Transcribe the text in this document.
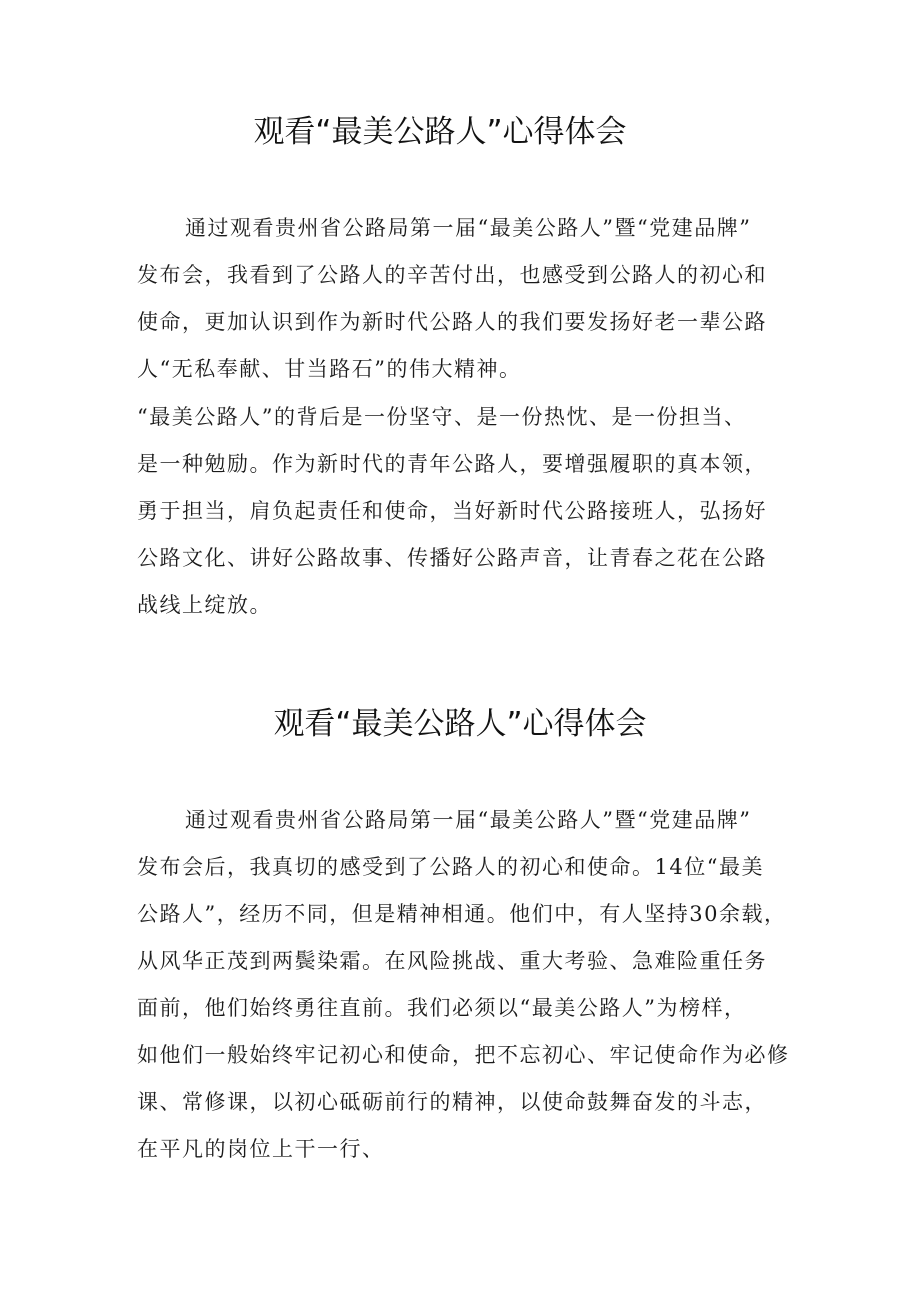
观看“最美公路人”心得体会

通过观看贵州省公路局第一届“最美公路人”暨“党建品牌”
发布会，我看到了公路人的辛苦付出，也感受到公路人的初心和
使命，更加认识到作为新时代公路人的我们要发扬好老一辈公路
人“无私奉献、甘当路石”的伟大精神。

“最美公路人”的背后是一份坚守、是一份热忱、是一份担当、
是一种勉励。作为新时代的青年公路人，要增强履职的真本领，
勇于担当，肩负起责任和使命，当好新时代公路接班人，弘扬好
公路文化、讲好公路故事、传播好公路声音，让青春之花在公路
战线上绽放。

观看“最美公路人”心得体会

通过观看贵州省公路局第一届“最美公路人”暨“党建品牌”
发布会后，我真切的感受到了公路人的初心和使命。14位“最美
公路人”，经历不同，但是精神相通。他们中，有人坚持30余载，
从风华正茂到两鬓染霜。在风险挑战、重大考验、急难险重任务
面前，他们始终勇往直前。我们必须以“最美公路人”为榜样，
如他们一般始终牢记初心和使命，把不忘初心、牢记使命作为必修
课、常修课，以初心砥砺前行的精神，以使命鼓舞奋发的斗志，
在平凡的岗位上干一行、
